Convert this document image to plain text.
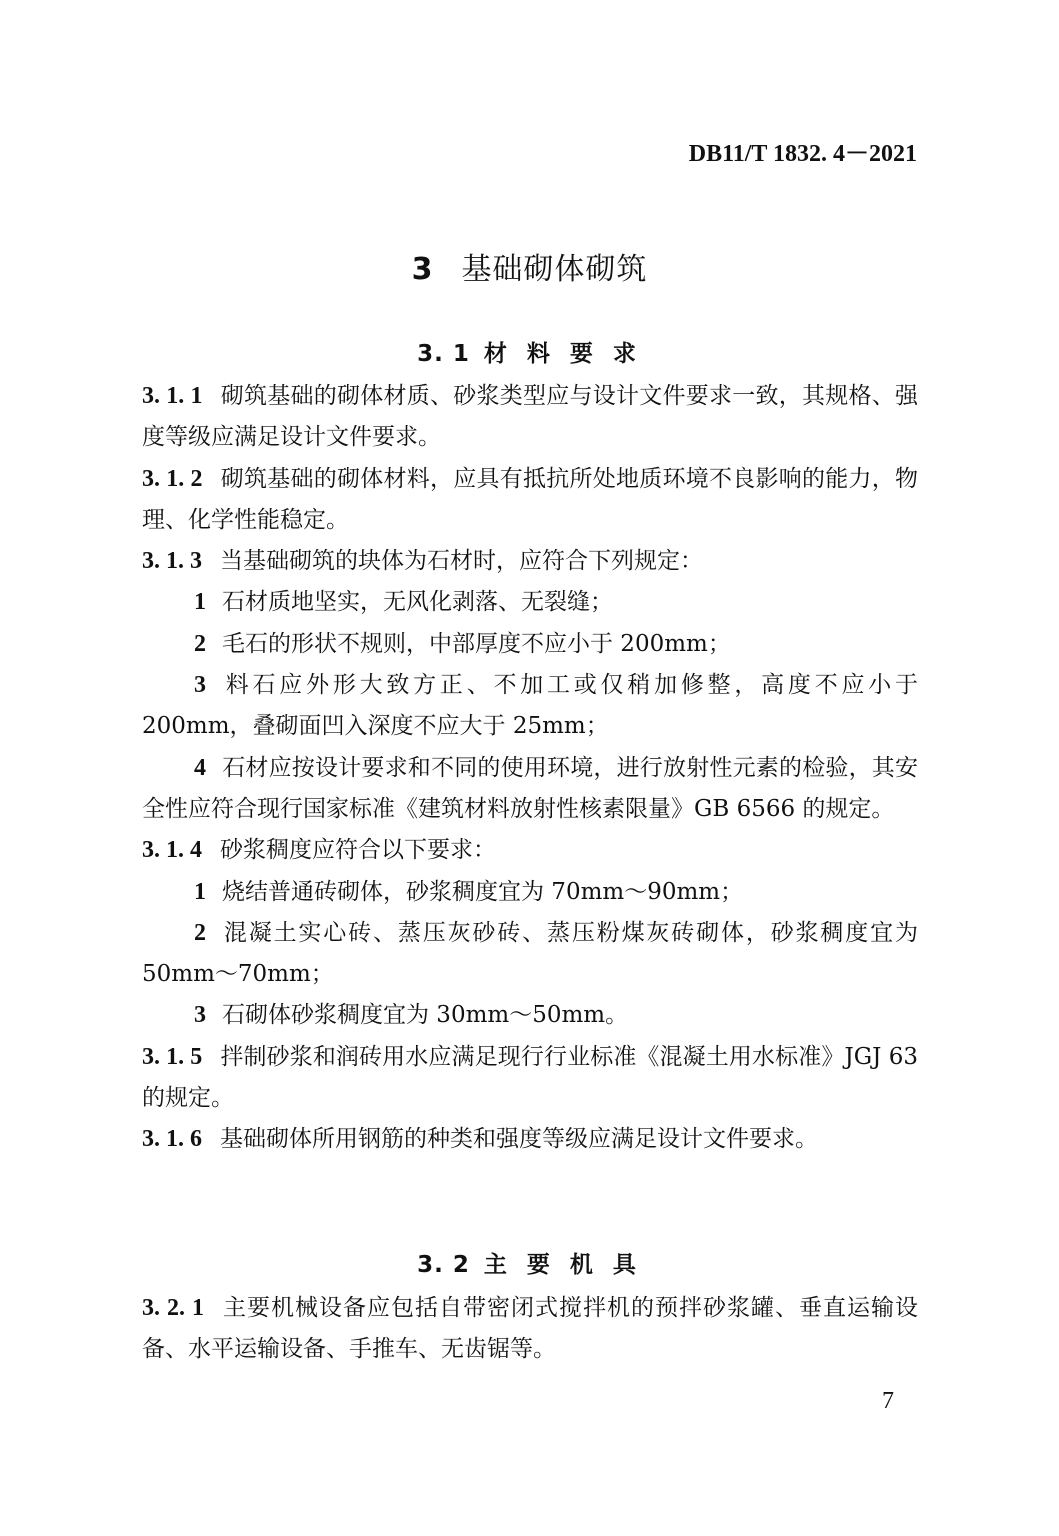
DB11/T 1832. 4－2021
3 基础砌体砌筑
3. 1 材 料 要 求

3. 1. 1 砌筑基础的砌体材质、砂浆类型应与设计文件要求一致，其规格、强度等级应满足设计文件要求。

3. 1. 2 砌筑基础的砌体材料，应具有抵抗所处地质环境不良影响的能力，物理、化学性能稳定。

3. 1. 3 当基础砌筑的块体为石材时，应符合下列规定：

1 石材质地坚实，无风化剥落、无裂缝；

2 毛石的形状不规则，中部厚度不应小于 200mm；

3 料石应外形大致方正、不加工或仅稍加修整，高度不应小于 200mm，叠砌面凹入深度不应大于 25mm；

4 石材应按设计要求和不同的使用环境，进行放射性元素的检验，其安全性应符合现行国家标准《建筑材料放射性核素限量》GB 6566 的规定。

3. 1. 4 砂浆稠度应符合以下要求：

1 烧结普通砖砌体，砂浆稠度宜为 70mm～90mm；

2 混凝土实心砖、蒸压灰砂砖、蒸压粉煤灰砖砌体，砂浆稠度宜为 50mm～70mm；

3 石砌体砂浆稠度宜为 30mm～50mm。

3. 1. 5 拌制砂浆和润砖用水应满足现行行业标准《混凝土用水标准》JGJ 63 的规定。

3. 1. 6 基础砌体所用钢筋的种类和强度等级应满足设计文件要求。

3. 2 主 要 机 具

3. 2. 1 主要机械设备应包括自带密闭式搅拌机的预拌砂浆罐、垂直运输设备、水平运输设备、手推车、无齿锯等。

7
